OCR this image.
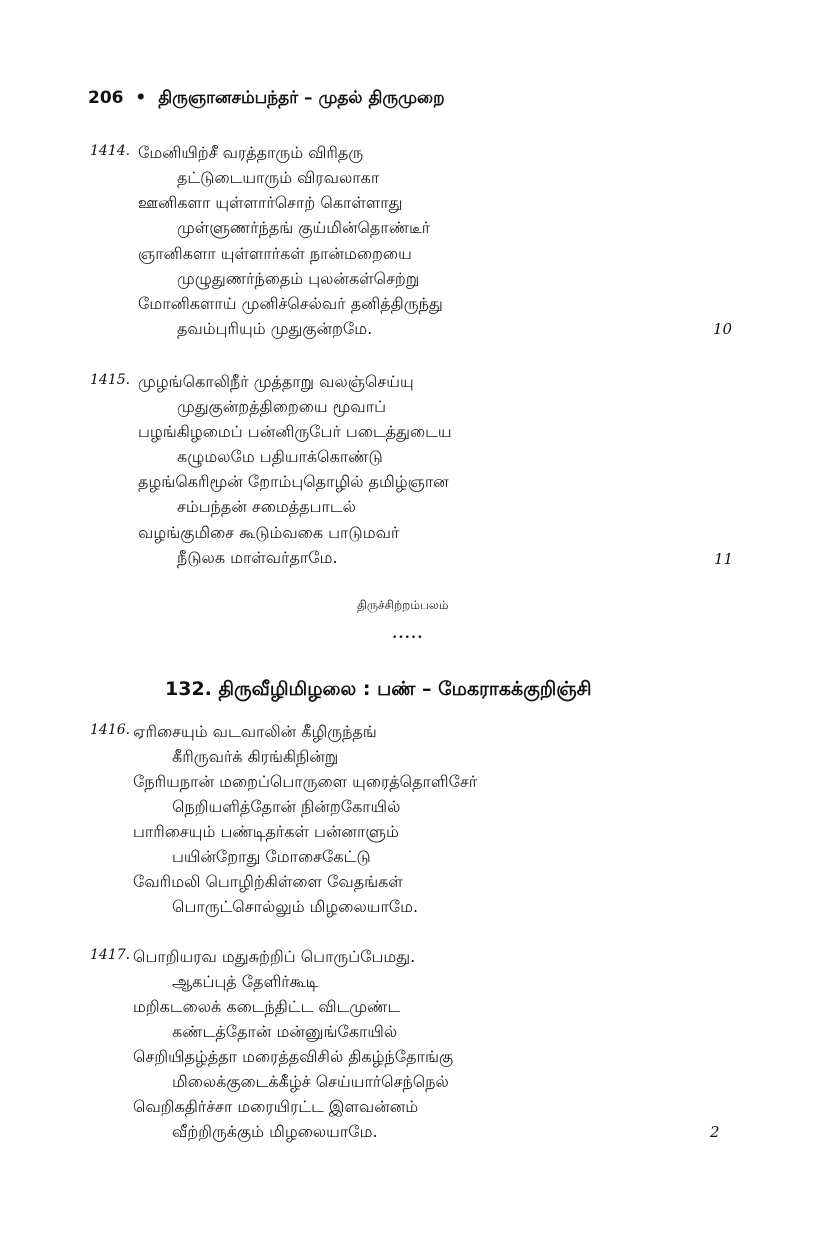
206 • திருஞானசம்பந்தர் – முதல் திருமுறை
1414. மேனியிற்சீ வரத்தாரும் விரிதரு
தட்டுடையாரும் விரவலாகா
ஊனிகளா யுள்ளார்சொற் கொள்ளாது
முள்ளுணர்ந்தங் குய்மின்தொண்டீர்
ஞானிகளா யுள்ளார்கள் நான்மறையை
முழுதுணர்ந்தைம் புலன்கள்செற்று
மோனிகளாய் முனிச்செல்வர் தனித்திருந்து
தவம்புரியும் முதுகுன்றமே.	10
1415. முழங்கொலிநீர் முத்தாறு வலஞ்செய்யு
முதுகுன்றத்திறையை மூவாப்
பழங்கிழமைப் பன்னிருபேர் படைத்துடைய
கழுமலமே பதியாக்கொண்டு
தழங்கெரிமூன் றோம்புதொழில் தமிழ்ஞான
சம்பந்தன் சமைத்தபாடல்
வழங்குமிசை கூடும்வகை பாடுமவர்
நீடுலக மாள்வர்தாமே.	11
திருச்சிற்றம்பலம்
•••••
132. திருவீழிமிழலை : பண் – மேகராகக்குறிஞ்சி
1416. ஏரிசையும் வடவாலின் கீழிருந்தங்
கீரிருவர்க் கிரங்கிநின்று
நேரியநான் மறைப்பொருளை யுரைத்தொளிசேர்
நெறியளித்தோன் நின்றகோயில்
பாரிசையும் பண்டிதர்கள் பன்னாளும்
பயின்றோது மோசைகேட்டு
வேரிமலி பொழிற்கிள்ளை வேதங்கள்
பொருட்சொல்லும் மிழலையாமே.
1417. பொறியரவ மதுசுற்றிப் பொருப்பேமது.
ஆகப்புத் தேளிர்கூடி
மறிகடலைக் கடைந்திட்ட விடமுண்ட
கண்டத்தோன் மன்னுங்கோயில்
செறியிதழ்த்தா மரைத்தவிசில் திகழ்ந்தோங்கு
மிலைக்குடைக்கீழ்ச் செய்யார்செந்நெல்
வெறிகதிர்ச்சா மரையிரட்ட இளவன்னம்
வீற்றிருக்கும் மிழலையாமே.	2
